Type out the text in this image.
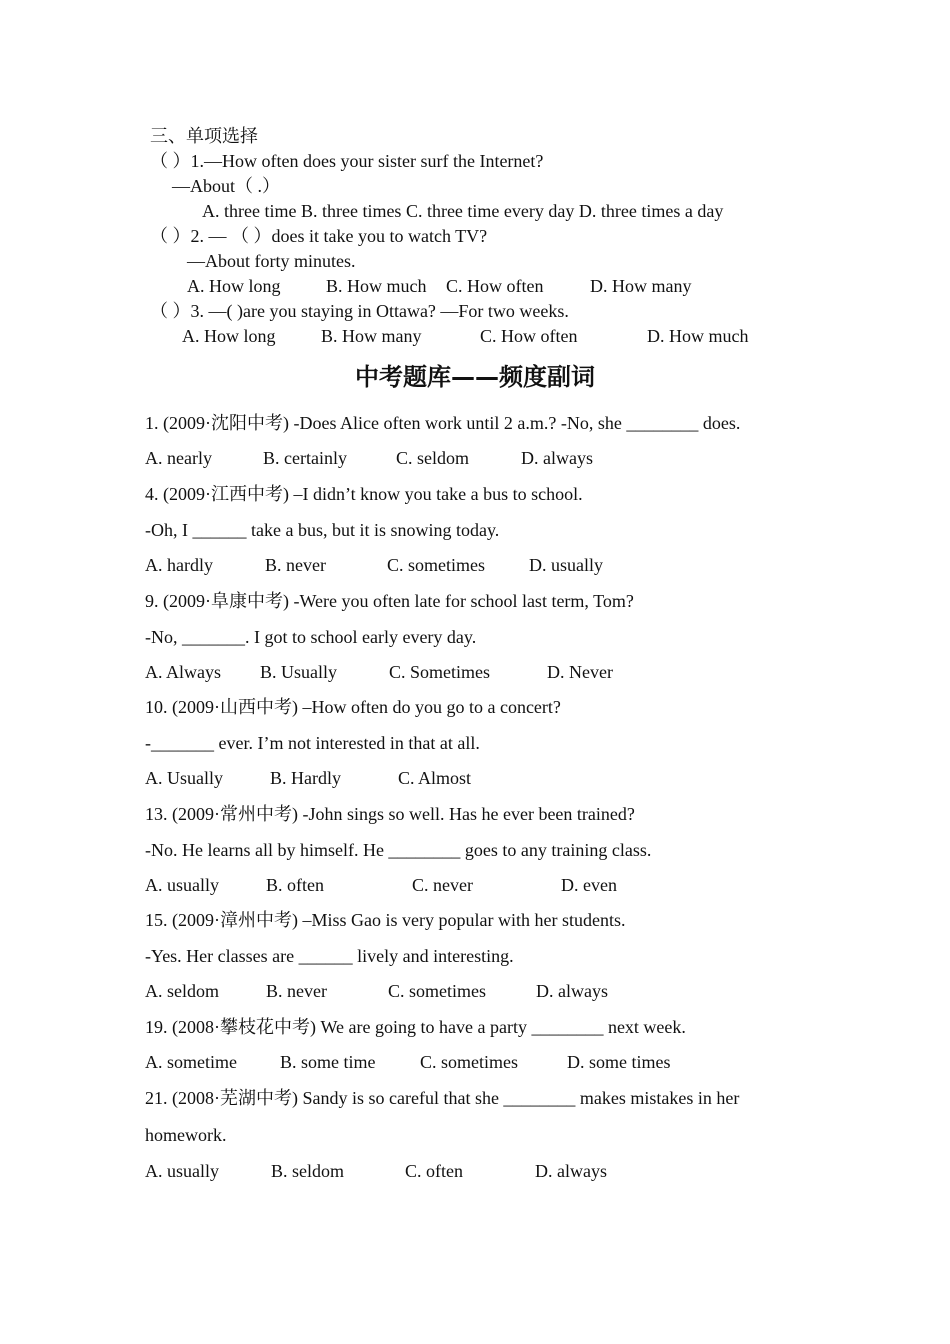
三、单项选择
（ ）1.—How often does your sister surf the Internet?
—About（ .）
A. three time B. three times C. three time every day D. three times a day
（ ）2. — （ ）does it take you to watch TV?
—About forty minutes.
A. How long	B. How much C. How often	D. How many
（ ）3. —( )are you staying in Ottawa? —For two weeks.
A. How long	B. How many	C. How often	D. How much
中考题库——频度副词
1. (2009·沈阳中考) -Does Alice often work until 2 a.m.? -No, she ________ does.
A. nearly	B. certainly	C. seldom	D. always
4. (2009·江西中考) –I didn’t know you take a bus to school.
-Oh, I ______ take a bus, but it is snowing today.
A. hardly	B. never	C. sometimes D. usually
9. (2009·阜康中考) -Were you often late for school last term, Tom?
-No, _______. I got to school early every day.
A. Always B. Usually	C. Sometimes	D. Never
10. (2009·山西中考) –How often do you go to a concert?
-_______ ever. I’m not interested in that at all.
A. Usually	B. Hardly	C. Almost
13. (2009·常州中考) -John sings so well. Has he ever been trained?
-No. He learns all by himself. He ________ goes to any training class.
A. usually	B. often	C. never	D. even
15. (2009·漳州中考) –Miss Gao is very popular with her students.
-Yes. Her classes are ______ lively and interesting.
A. seldom	B. never	C. sometimes	D. always
19. (2008·攀枝花中考) We are going to have a party ________ next week.
A. sometime B. some time C. sometimes	D. some times
21. (2008·芜湖中考) Sandy is so careful that she ________ makes mistakes in her
homework.
A. usually	B. seldom	C. often	D. always
